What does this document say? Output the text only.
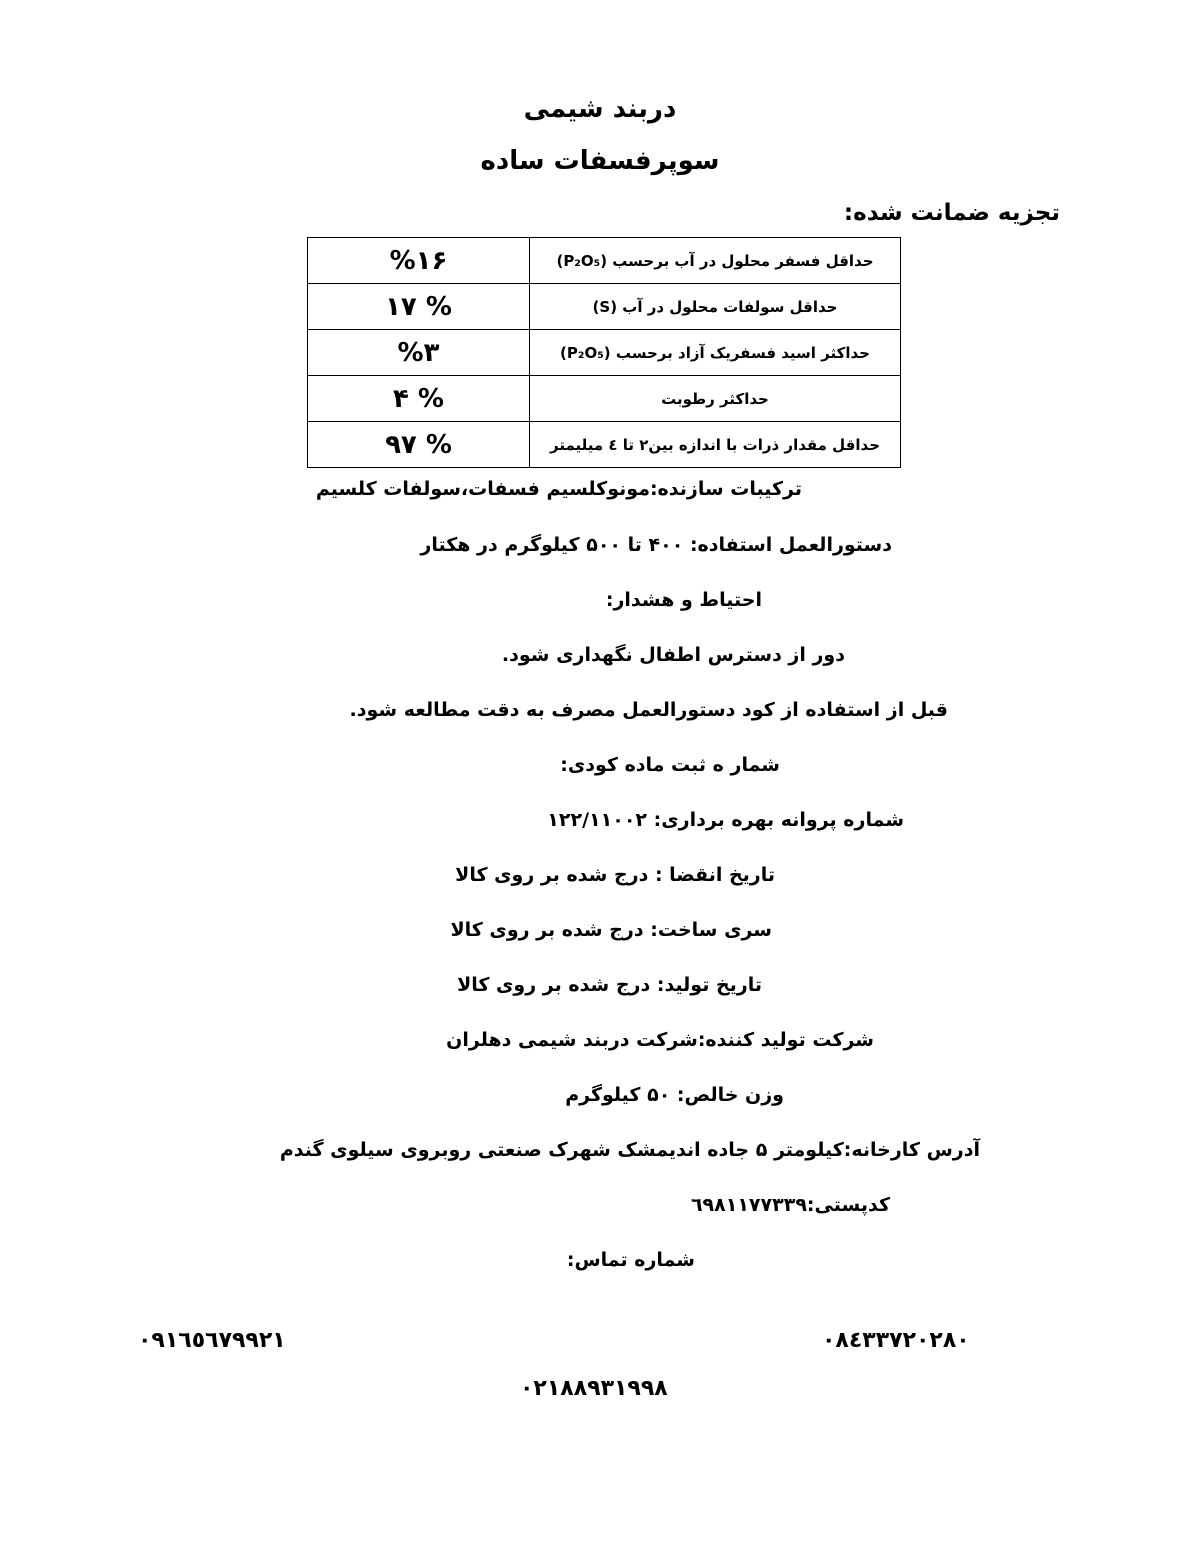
دربند شیمی
سوپرفسفات ساده
تجزیه ضمانت شده:
%۱۶	حداقل فسفر محلول در آب برحسب (P₂O₅)
% ۱۷	حداقل سولفات محلول در آب (S)
%۳	حداکثر اسید فسفریک آزاد برحسب (P₂O₅)
% ۴	حداکثر رطوبت
% ۹۷	حداقل مقدار ذرات با اندازه بین۲ تا ٤ میلیمتر
ترکیبات سازنده:مونوکلسیم فسفات،سولفات کلسیم
دستورالعمل استفاده: ۴۰۰ تا ۵۰۰ کیلوگرم در هکتار
احتیاط و هشدار:
دور از دسترس اطفال نگهداری شود.
قبل از استفاده از کود دستورالعمل مصرف به دقت مطالعه شود.
شمار ه ثبت ماده کودی:
شماره پروانه بهره برداری: ۱۲۲/۱۱۰۰۲
تاریخ انقضا : درج شده بر روی کالا
سری ساخت: درج شده بر روی کالا
تاریخ تولید: درج شده بر روی کالا
شرکت تولید کننده:شرکت دربند شیمی دهلران
وزن خالص: ۵۰ کیلوگرم
آدرس کارخانه:کیلومتر ۵ جاده اندیمشک شهرک صنعتی روبروی سیلوی گندم
کدپستی:٦٩٨١١٧٧٣٣٩
شماره تماس:
۰۹۱٦٥٦٧۹۹۲۱	۰۸٤۳۳۷۲۰۲۸۰
۰۲۱۸۸۹۳۱۹۹۸
